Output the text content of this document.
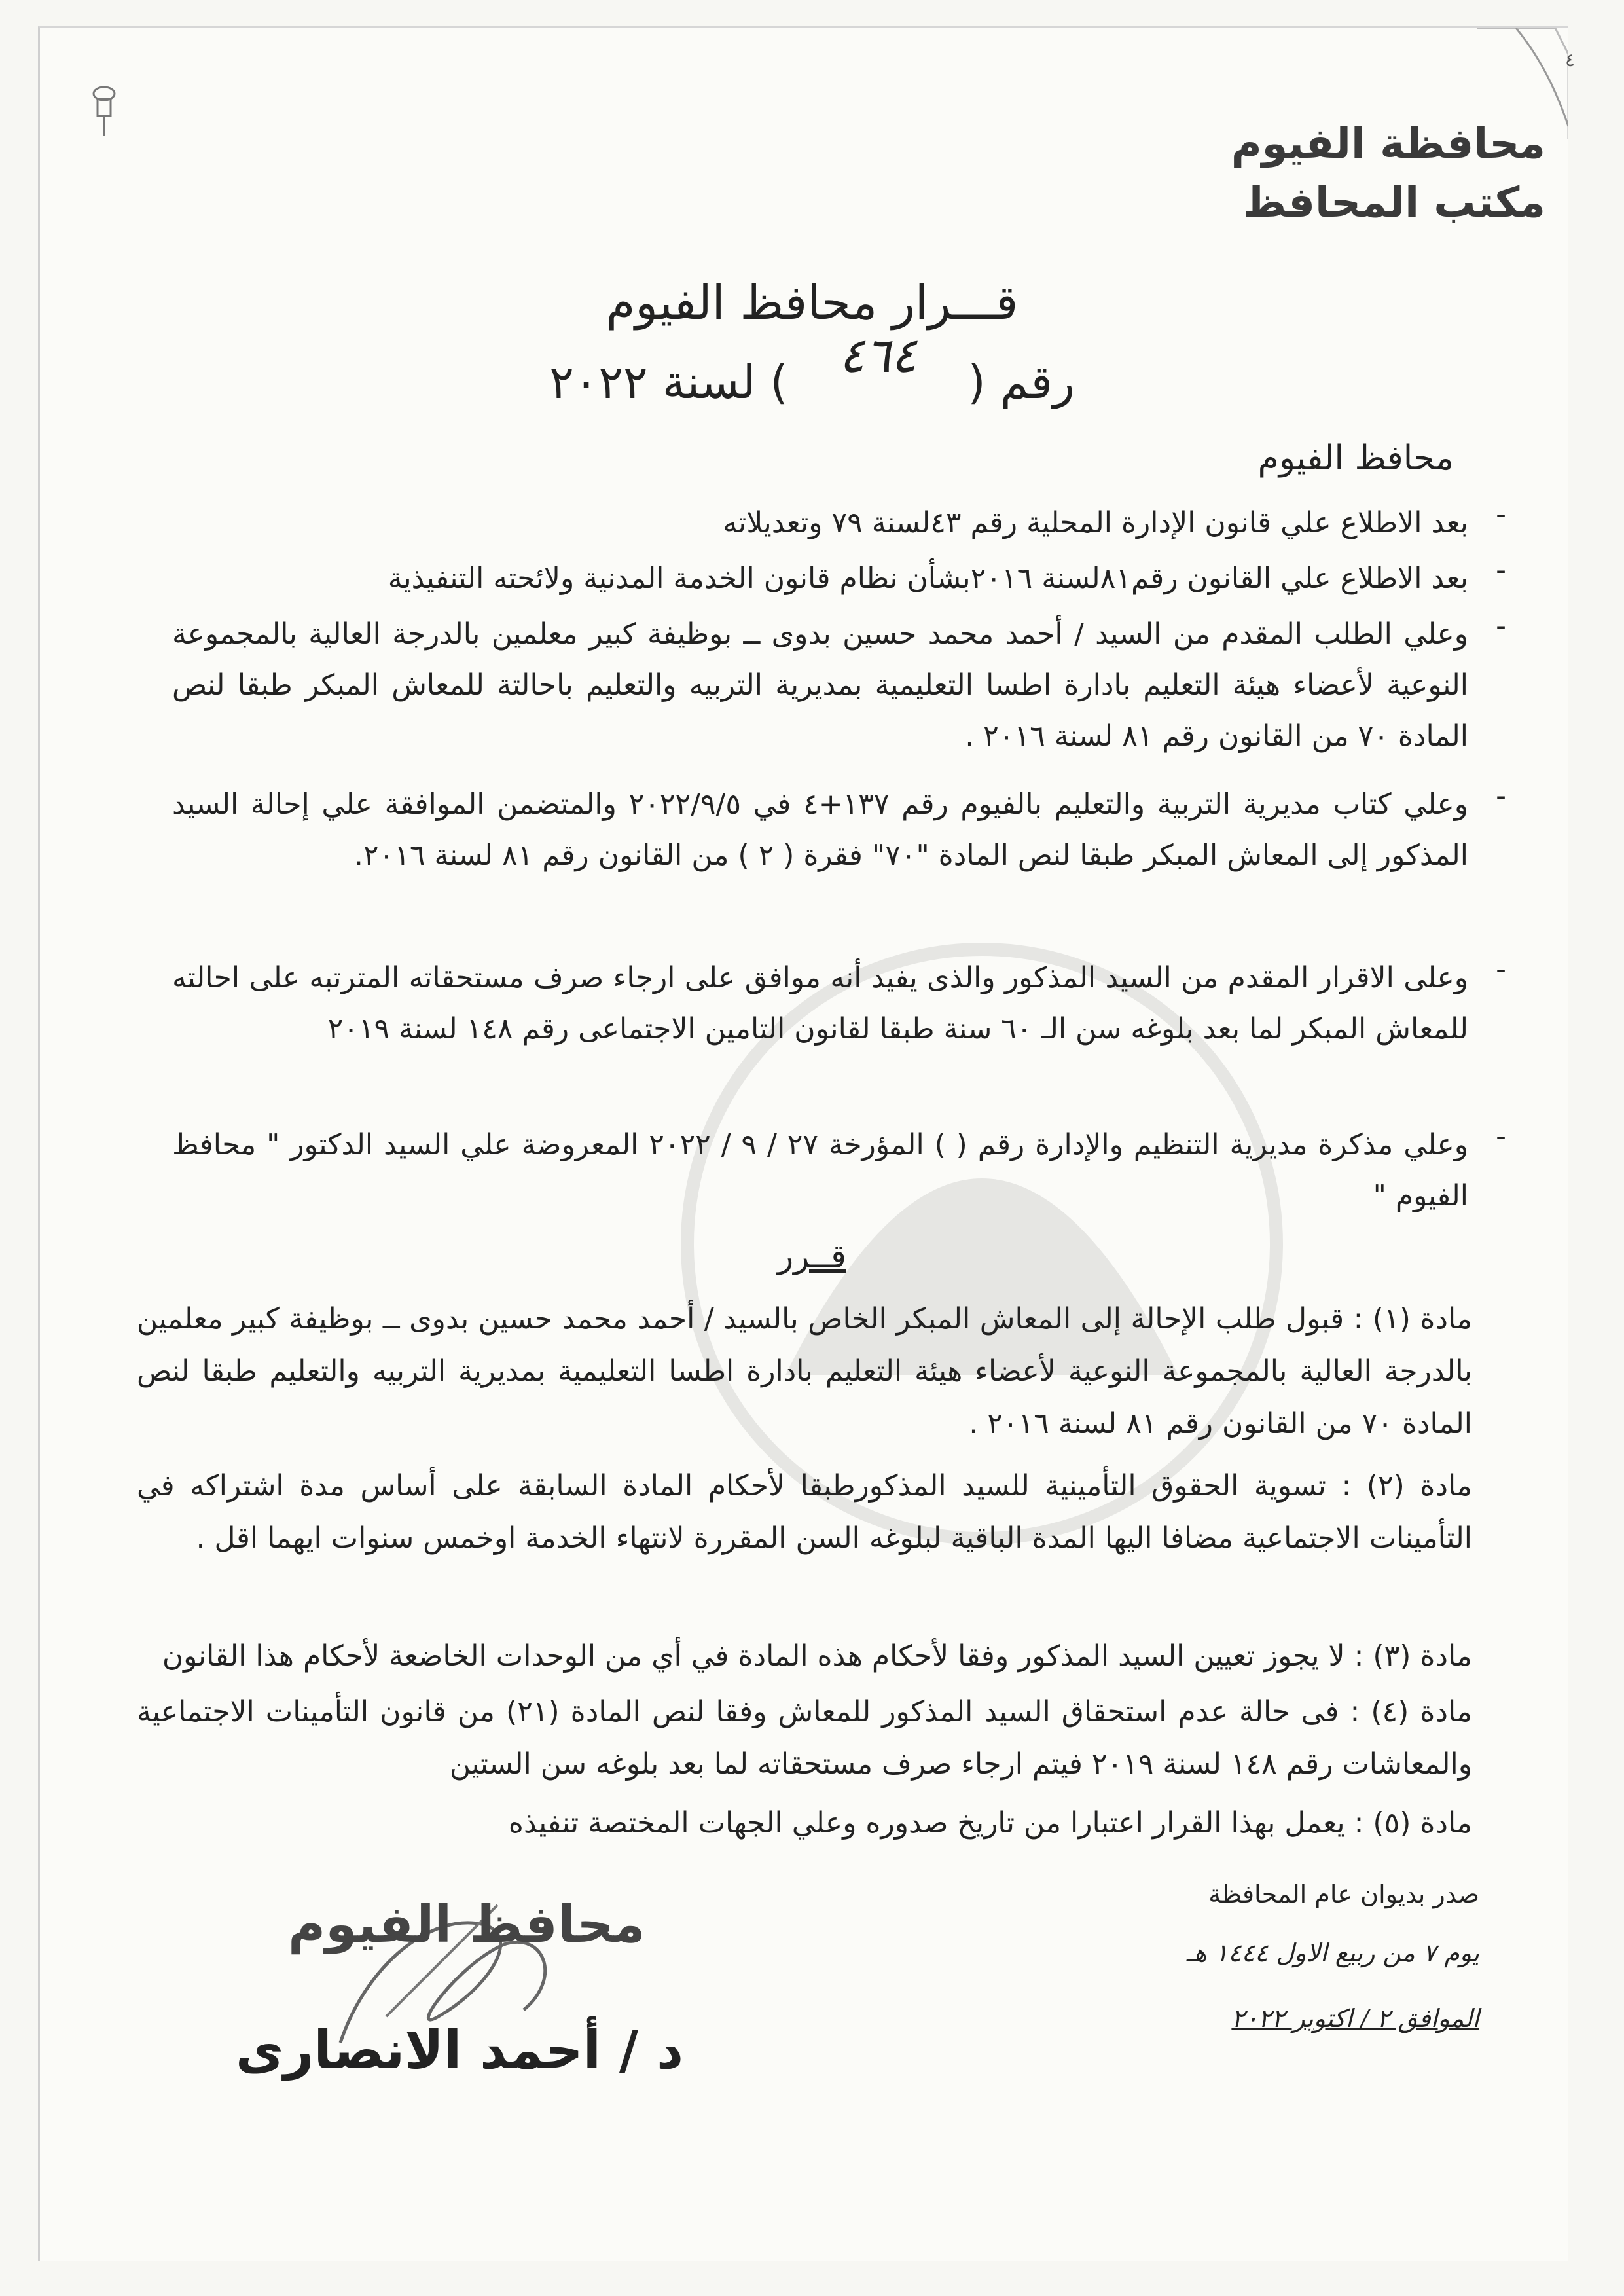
محافظة الفيوم
مكتب المحافظ
قـــرار محافظ الفيوم
رقم ( ٤٦٤ ) لسنة ٢٠٢٢
محافظ الفيوم
-

بعد الاطلاع علي قانون الإدارة المحلية رقم ٤٣لسنة ٧٩ وتعديلاته

-

بعد الاطلاع علي القانون رقم٨١لسنة ٢٠١٦بشأن نظام قانون الخدمة المدنية ولائحته التنفيذية

-

وعلي الطلب المقدم من السيد / أحمد محمد حسين بدوى ــ بوظيفة كبير معلمين بالدرجة العالية بالمجموعة النوعية لأعضاء هيئة التعليم بادارة اطسا التعليمية بمديرية التربيه والتعليم باحالتة للمعاش المبكر طبقا لنص المادة ٧٠ من القانون رقم ٨١ لسنة ٢٠١٦ .

-

وعلي كتاب مديرية التربية والتعليم بالفيوم رقم ١٣٧+٤ في ٢٠٢٢/٩/٥ والمتضمن الموافقة علي إحالة السيد المذكور إلى المعاش المبكر طبقا لنص المادة "٧٠" فقرة ( ٢ ) من القانون رقم ٨١ لسنة ٢٠١٦.

-

وعلى الاقرار المقدم من السيد المذكور والذى يفيد أنه موافق على ارجاء صرف مستحقاته المترتبه على احالته للمعاش المبكر لما بعد بلوغه سن الـ ٦٠ سنة طبقا لقانون التامين الاجتماعى رقم ١٤٨ لسنة ٢٠١٩

-

وعلي مذكرة مديرية التنظيم والإدارة رقم ( ) المؤرخة ٢٧ / ٩ / ٢٠٢٢ المعروضة علي السيد الدكتور " محافظ الفيوم "

قــرر

مادة (١) : قبول طلب الإحالة إلى المعاش المبكر الخاص بالسيد / أحمد محمد حسين بدوى ــ بوظيفة كبير معلمين بالدرجة العالية بالمجموعة النوعية لأعضاء هيئة التعليم بادارة اطسا التعليمية بمديرية التربيه والتعليم طبقا لنص المادة ٧٠ من القانون رقم ٨١ لسنة ٢٠١٦ .

مادة (٢) : تسوية الحقوق التأمينية للسيد المذكورطبقا لأحكام المادة السابقة على أساس مدة اشتراكه في التأمينات الاجتماعية مضافا اليها المدة الباقية لبلوغه السن المقررة لانتهاء الخدمة اوخمس سنوات ايهما اقل .

مادة (٣) : لا يجوز تعيين السيد المذكور وفقا لأحكام هذه المادة في أي من الوحدات الخاضعة لأحكام هذا القانون

مادة (٤) : فى حالة عدم استحقاق السيد المذكور للمعاش وفقا لنص المادة (٢١) من قانون التأمينات الاجتماعية والمعاشات رقم ١٤٨ لسنة ٢٠١٩ فيتم ارجاء صرف مستحقاته لما بعد بلوغه سن الستين

مادة (٥) : يعمل بهذا القرار اعتبارا من تاريخ صدوره وعلي الجهات المختصة تنفيذه

صدر بديوان عام المحافظة
يوم ٧ من ربيع الاول ١٤٤٤ هـ
الموافق ٢ / اكتوبر ٢٠٢٢
محافظ الفيوم
د / أحمد الانصارى
٤
